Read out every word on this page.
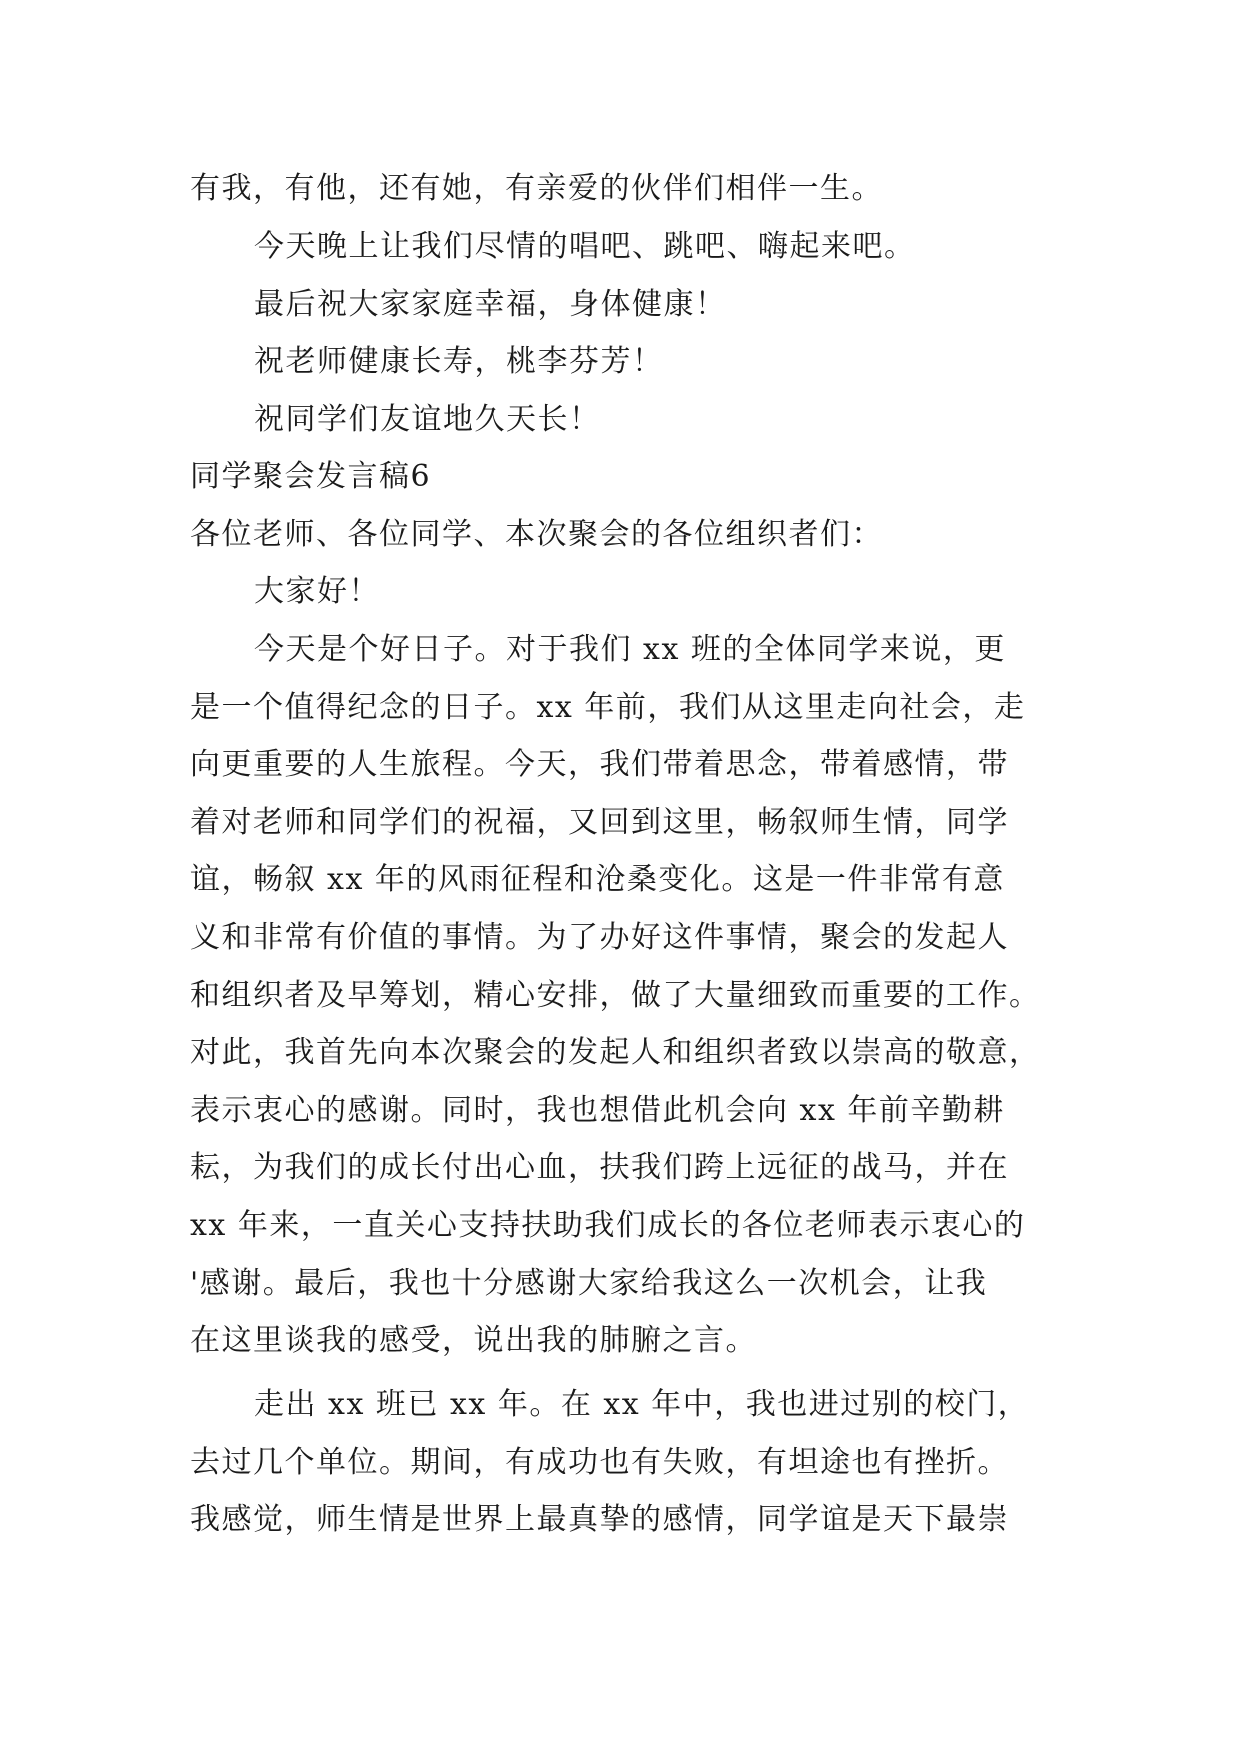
有我，有他，还有她，有亲爱的伙伴们相伴一生。
今天晚上让我们尽情的唱吧、跳吧、嗨起来吧。
最后祝大家家庭幸福，身体健康！
祝老师健康长寿，桃李芬芳！
祝同学们友谊地久天长！
同学聚会发言稿6
各位老师、各位同学、本次聚会的各位组织者们：
大家好！
今天是个好日子。对于我们 xx 班的全体同学来说，更
是一个值得纪念的日子。xx 年前，我们从这里走向社会，走
向更重要的人生旅程。今天，我们带着思念，带着感情，带
着对老师和同学们的祝福，又回到这里，畅叙师生情，同学
谊，畅叙 xx 年的风雨征程和沧桑变化。这是一件非常有意
义和非常有价值的事情。为了办好这件事情，聚会的发起人
和组织者及早筹划，精心安排，做了大量细致而重要的工作。
对此，我首先向本次聚会的发起人和组织者致以崇高的敬意，
表示衷心的感谢。同时，我也想借此机会向 xx 年前辛勤耕
耘，为我们的成长付出心血，扶我们跨上远征的战马，并在
xx 年来，一直关心支持扶助我们成长的各位老师表示衷心的
'感谢。最后，我也十分感谢大家给我这么一次机会，让我
在这里谈我的感受，说出我的肺腑之言。
走出 xx 班已 xx 年。在 xx 年中，我也进过别的校门，
去过几个单位。期间，有成功也有失败，有坦途也有挫折。
我感觉，师生情是世界上最真挚的感情，同学谊是天下最崇
